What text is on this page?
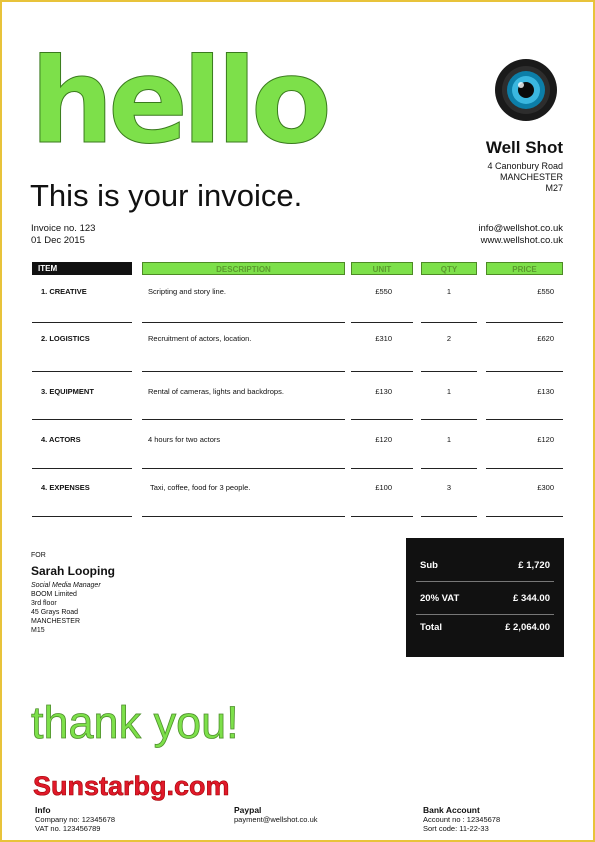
hello

This is your invoice.

Invoice no. 123
01 Dec 2015
Well Shot
4 Canonbury Road
MANCHESTER
M27
info@wellshot.co.uk
www.wellshot.co.uk
ITEM	DESCRIPTION	UNIT	QTY	PRICE
1. CREATIVE	Scripting and story line.	£550	1	£550
2. LOGISTICS	Recruitment of actors, location.	£310	2	£620
3. EQUIPMENT	Rental of cameras, lights and backdrops.	£130	1	£130
4. ACTORS	4 hours for two actors	£120	1	£120
4. EXPENSES	Taxi, coffee, food for 3 people.	£100	3	£300
FOR
Sarah Looping
Social Media Manager
BOOM Limited
3rd floor
45 Grays Road
MANCHESTER
M15
Sub	£ 1,720
20% VAT	£ 344.00
Total	£ 2,064.00

thank you!

Sunstarbg.com
Info
Company no: 12345678
VAT no. 123456789
Paypal
payment@wellshot.co.uk
Bank Account
Account no : 12345678
Sort code: 11-22-33
